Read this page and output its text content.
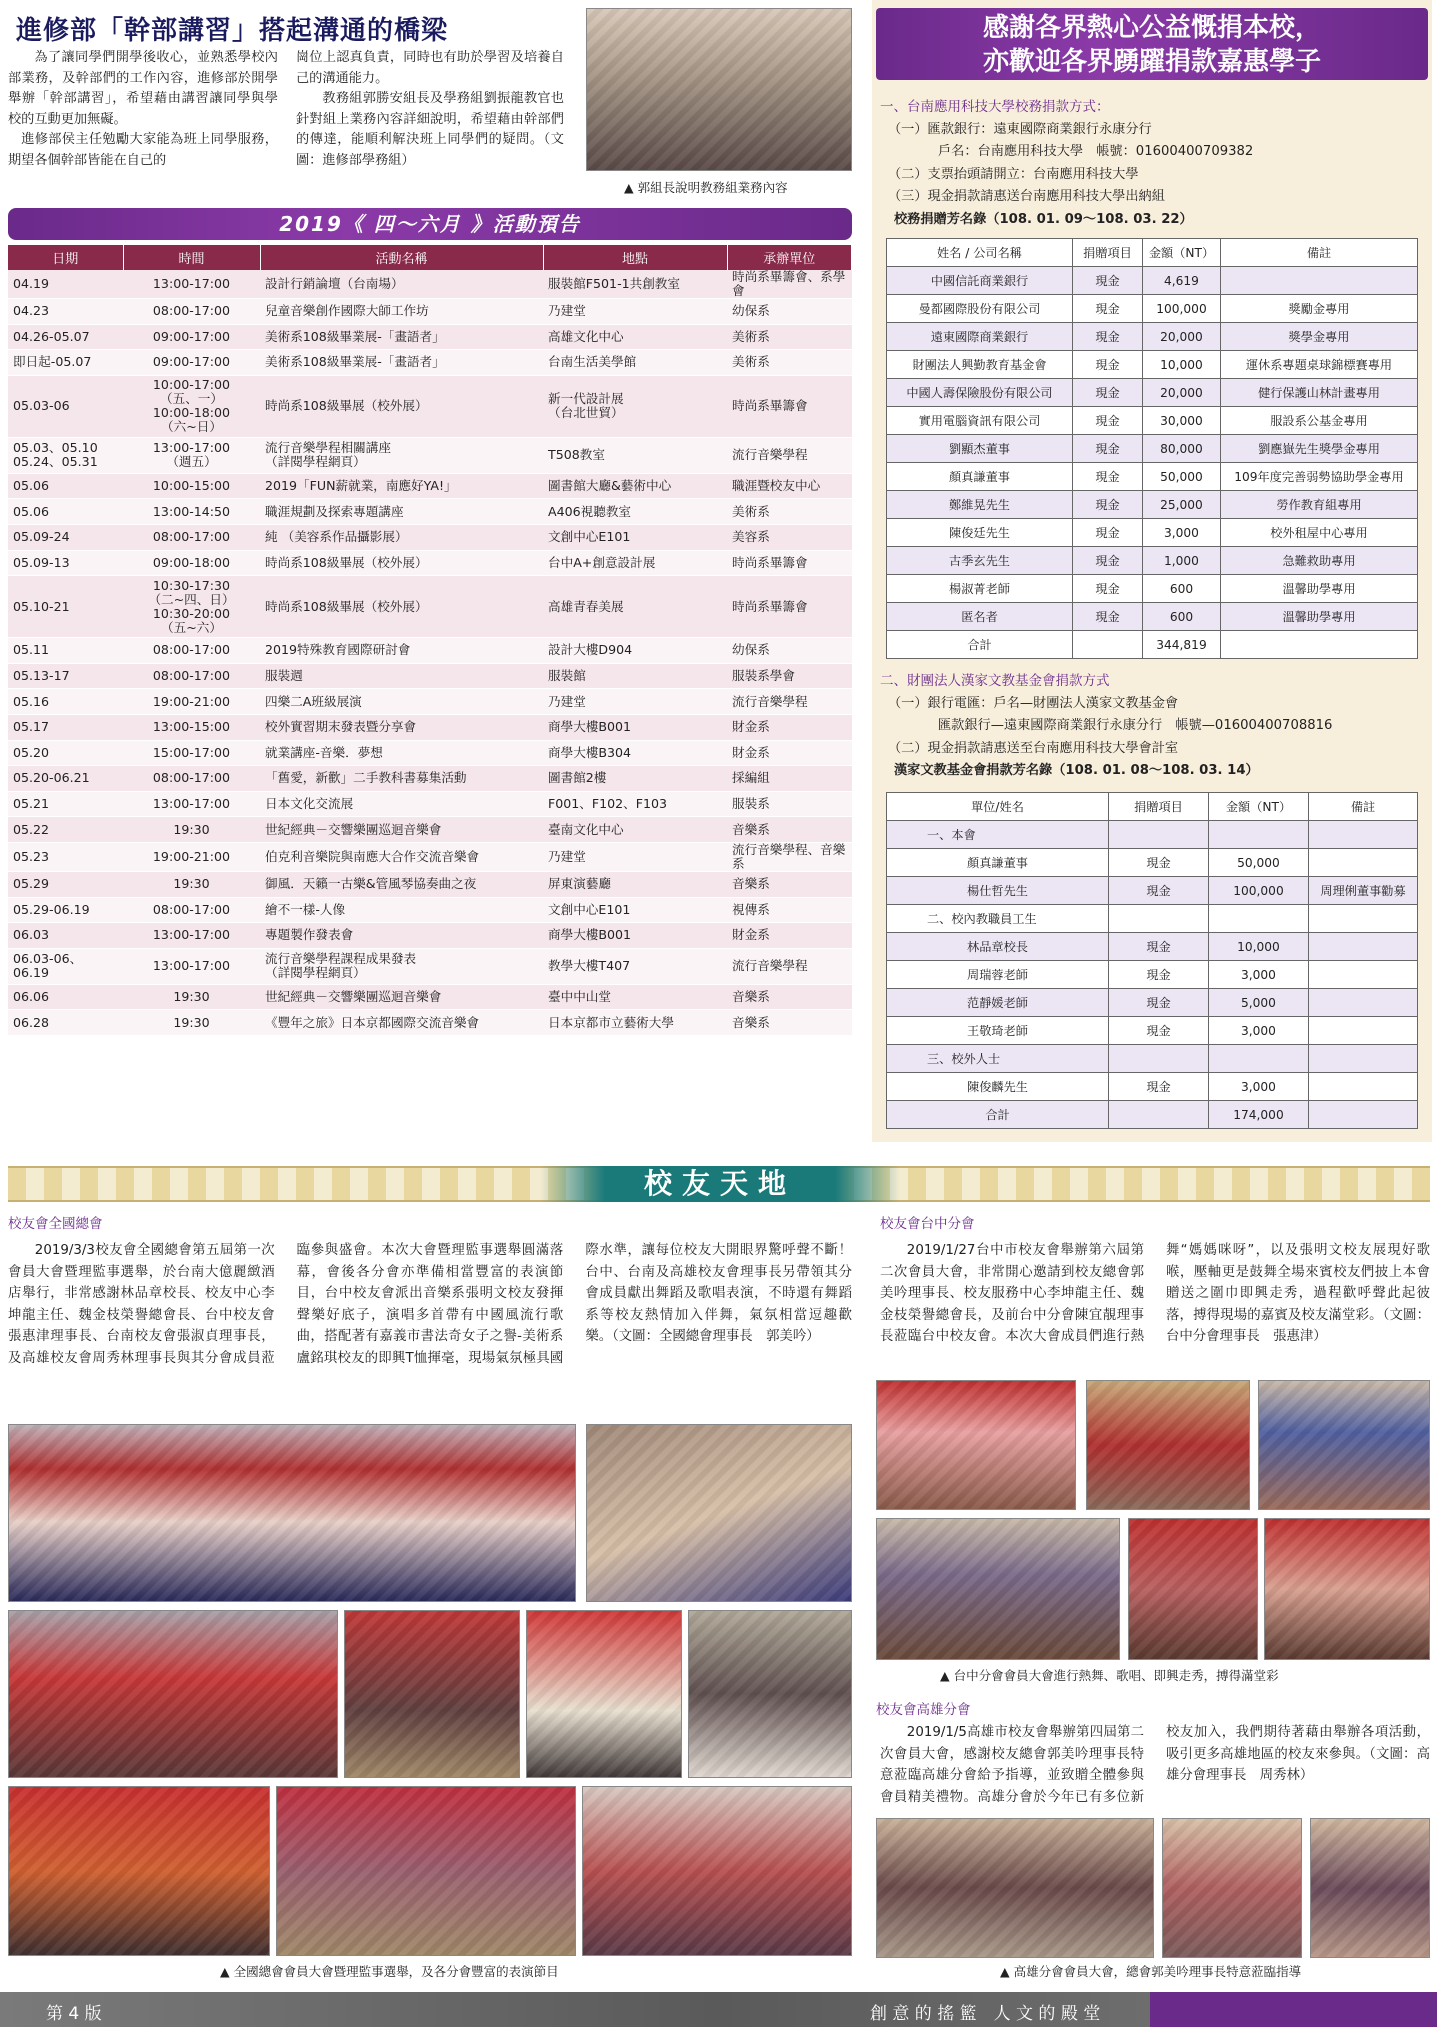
進修部「幹部講習」搭起溝通的橋梁

為了讓同學們開學後收心，並熟悉學校內部業務，及幹部們的工作內容，進修部於開學舉辦「幹部講習」，希望藉由講習讓同學與學校的互動更加無礙。

進修部侯主任勉勵大家能為班上同學服務，期望各個幹部皆能在自己的

崗位上認真負責，同時也有助於學習及培養自己的溝通能力。

教務組郭勝安組長及學務組劉振龍教官也針對組上業務內容詳細說明，希望藉由幹部們的傳達，能順利解決班上同學們的疑問。（文圖：進修部學務組）

▲ 郭組長說明教務組業務內容
2019《 四～六月 》活動預告
日期	時間	活動名稱	地點	承辦單位
04.19	13:00-17:00	設計行銷論壇（台南場）	服裝館F501-1共創教室	時尚系畢籌會、系學會
04.23	08:00-17:00	兒童音樂創作國際大師工作坊	乃建堂	幼保系
04.26-05.07	09:00-17:00	美術系108級畢業展-「畫語者」	高雄文化中心	美術系
即日起-05.07	09:00-17:00	美術系108級畢業展-「畫語者」	台南生活美學館	美術系
05.03-06	10:00-17:00
（五、一）
10:00-18:00
（六~日）	時尚系108級畢展（校外展）	新一代設計展
（台北世貿）	時尚系畢籌會
05.03、05.10
05.24、05.31	13:00-17:00
（週五）	流行音樂學程相關講座
（詳閱學程網頁）	T508教室	流行音樂學程
05.06	10:00-15:00	2019「FUN薪就業，南應好YA!」	圖書館大廳&藝術中心	職涯暨校友中心
05.06	13:00-14:50	職涯規劃及探索專題講座	A406視聽教室	美術系
05.09-24	08:00-17:00	純 （美容系作品攝影展）	文創中心E101	美容系
05.09-13	09:00-18:00	時尚系108級畢展（校外展）	台中A+創意設計展	時尚系畢籌會
05.10-21	10:30-17:30
（二~四、日）
10:30-20:00
（五~六）	時尚系108級畢展（校外展）	高雄青春美展	時尚系畢籌會
05.11	08:00-17:00	2019特殊教育國際研討會	設計大樓D904	幼保系
05.13-17	08:00-17:00	服裝週	服裝館	服裝系學會
05.16	19:00-21:00	四樂二A班級展演	乃建堂	流行音樂學程
05.17	13:00-15:00	校外實習期末發表暨分享會	商學大樓B001	財金系
05.20	15:00-17:00	就業講座-音樂．夢想	商學大樓B304	財金系
05.20-06.21	08:00-17:00	「舊愛，新歡」二手教科書募集活動	圖書館2樓	採編組
05.21	13:00-17:00	日本文化交流展	F001、F102、F103	服裝系
05.22	19:30	世紀經典－交響樂團巡迴音樂會	臺南文化中心	音樂系
05.23	19:00-21:00	伯克利音樂院與南應大合作交流音樂會	乃建堂	流行音樂學程、音樂系
05.29	19:30	御風．天籟一古樂&管風琴協奏曲之夜	屏東演藝廳	音樂系
05.29-06.19	08:00-17:00	繪不一樣-人像	文創中心E101	視傳系
06.03	13:00-17:00	專題製作發表會	商學大樓B001	財金系
06.03-06、
06.19	13:00-17:00	流行音樂學程課程成果發表
（詳閱學程網頁）	教學大樓T407	流行音樂學程
06.06	19:30	世紀經典－交響樂團巡迴音樂會	臺中中山堂	音樂系
06.28	19:30	《豐年之旅》日本京都國際交流音樂會	日本京都市立藝術大學	音樂系
感謝各界熱心公益慨捐本校，
亦歡迎各界踴躍捐款嘉惠學子
一、台南應用科技大學校務捐款方式：
（一）匯款銀行：遠東國際商業銀行永康分行
戶名：台南應用科技大學　帳號：01600400709382
（二）支票抬頭請開立：台南應用科技大學
（三）現金捐款請惠送台南應用科技大學出納組
校務捐贈芳名錄（108. 01. 09～108. 03. 22）
姓名 / 公司名稱	捐贈項目	金額（NT）	備註
中國信託商業銀行	現金	4,619	
曼都國際股份有限公司	現金	100,000	獎勵金專用
遠東國際商業銀行	現金	20,000	獎學金專用
財團法人興勤教育基金會	現金	10,000	運休系專題桌球錦標賽專用
中國人壽保險股份有限公司	現金	20,000	健行保護山林計畫專用
實用電腦資訊有限公司	現金	30,000	服設系公基金專用
劉顯杰董事	現金	80,000	劉應嶽先生獎學金專用
顏真謙董事	現金	50,000	109年度完善弱勢協助學金專用
鄭維晃先生	現金	25,000	勞作教育組專用
陳俊廷先生	現金	3,000	校外租屋中心專用
古季玄先生	現金	1,000	急難救助專用
楊淑菁老師	現金	600	溫馨助學專用
匿名者	現金	600	溫馨助學專用
合計		344,819	
二、財團法人漢家文教基金會捐款方式
（一）銀行電匯：戶名—財團法人漢家文教基金會
匯款銀行—遠東國際商業銀行永康分行　帳號—01600400708816
（二）現金捐款請惠送至台南應用科技大學會計室
漢家文教基金會捐款芳名錄（108. 01. 08～108. 03. 14）
單位/姓名	捐贈項目	金額（NT）	備註
一、本會			
顏真謙董事	現金	50,000	
楊仕哲先生	現金	100,000	周理俐董事勸募
二、校內教職員工生			
林品章校長	現金	10,000	
周瑞蓉老師	現金	3,000	
范靜媛老師	現金	5,000	
王敬琦老師	現金	3,000	
三、校外人士			
陳俊麟先生	現金	3,000	
合計		174,000	
校友天地
校友會全國總會

2019/3/3校友會全國總會第五屆第一次會員大會暨理監事選舉，於台南大億麗緻酒店舉行，非常感謝林品章校長、校友中心李坤龍主任、魏金枝榮譽總會長、台中校友會張惠津理事長、台南校友會張淑貞理事長，及高雄校友會周秀林理事長與其分會成員蒞臨參與盛會。本次大會暨理監事選舉圓滿落幕，會後各分會亦準備相當豐富的表演節目，台中校友會派出音樂系張明文校友發揮聲樂好底子，演唱多首帶有中國風流行歌曲，搭配著有嘉義市書法奇女子之譽-美術系盧銘琪校友的即興T恤揮毫，現場氣氛極具國際水準，讓每位校友大開眼界驚呼聲不斷！台中、台南及高雄校友會理事長另帶領其分會成員獻出舞蹈及歌唱表演，不時還有舞蹈系等校友熱情加入伴舞，氣氛相當逗趣歡樂。（文圖：全國總會理事長　郭美吟）

▲ 全國總會會員大會暨理監事選舉，及各分會豐富的表演節目
校友會台中分會

2019/1/27台中市校友會舉辦第六屆第二次會員大會，非常開心邀請到校友總會郭美吟理事長、校友服務中心李坤龍主任、魏金枝榮譽總會長，及前台中分會陳宜靚理事長蒞臨台中校友會。本次大會成員們進行熱舞“媽媽咪呀”，以及張明文校友展現好歌喉，壓軸更是鼓舞全場來賓校友們披上本會贈送之圍巾即興走秀，過程歡呼聲此起彼落，搏得現場的嘉賓及校友滿堂彩。（文圖：台中分會理事長　張惠津）

▲ 台中分會會員大會進行熱舞、歌唱、即興走秀，搏得滿堂彩
校友會高雄分會

2019/1/5高雄市校友會舉辦第四屆第二次會員大會，感謝校友總會郭美吟理事長特意蒞臨高雄分會給予指導，並致贈全體參與會員精美禮物。高雄分會於今年已有多位新校友加入，我們期待著藉由舉辦各項活動，吸引更多高雄地區的校友來參與。（文圖：高雄分會理事長　周秀林）

▲ 高雄分會會員大會，總會郭美吟理事長特意蒞臨指導
第 4 版	創 意 的 搖 籃　人 文 的 殿 堂
